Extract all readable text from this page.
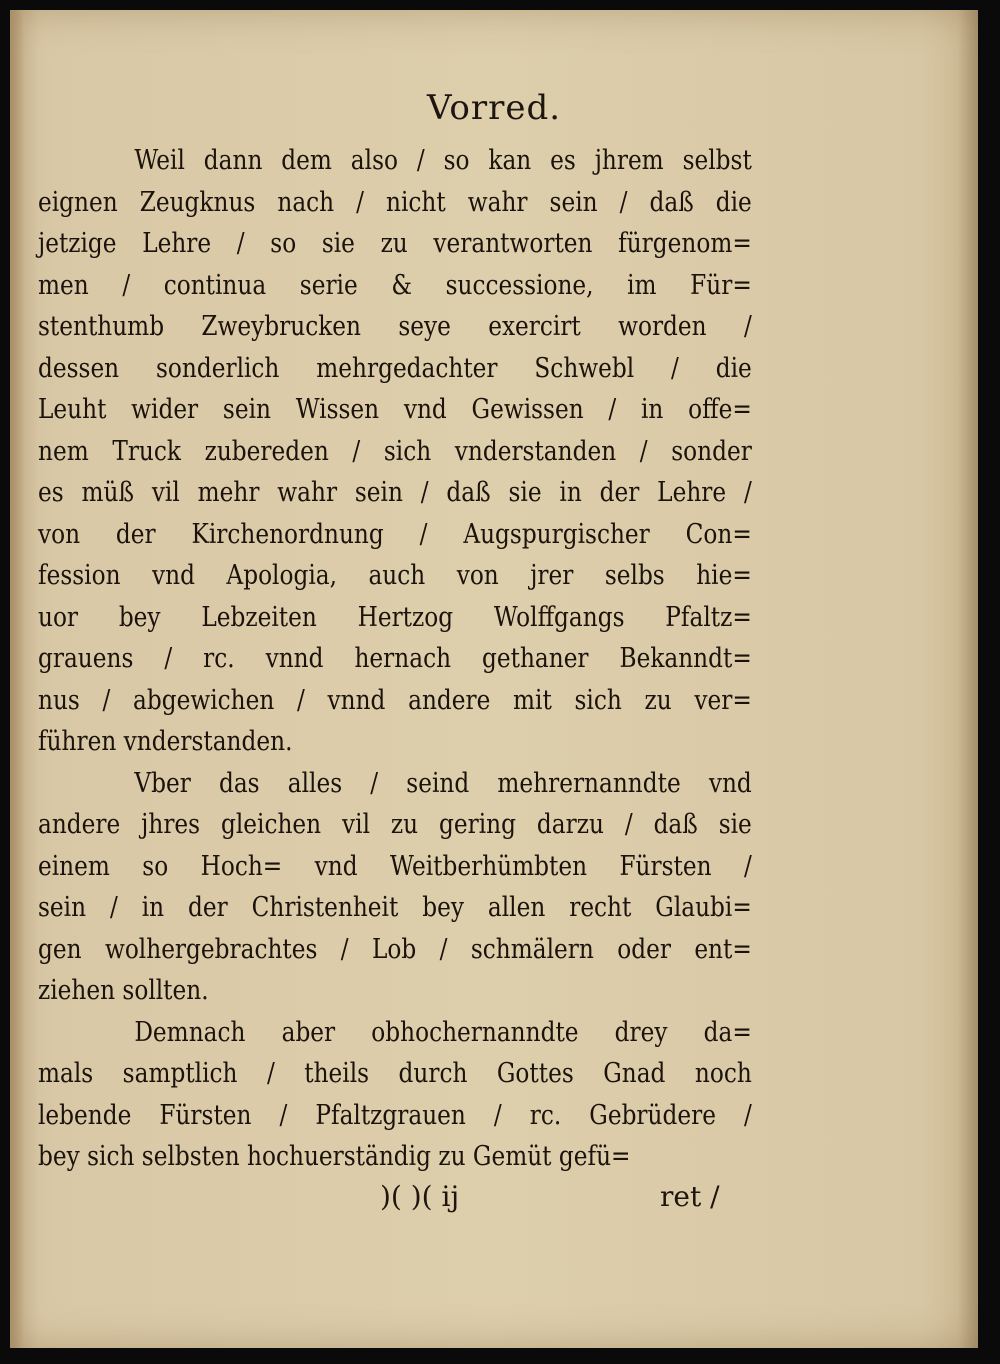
Vorred.
Weil dann dem also / so kan es jhrem selbst
eignen Zeugknus nach / nicht wahr sein / daß die
jetzige Lehre / so sie zu verantworten fürgenom=
men / continua serie & successione, im Für=
stenthumb Zweybrucken seye exercirt worden /
dessen sonderlich mehrgedachter Schwebl / die
Leuht wider sein Wissen vnd Gewissen / in offe=
nem Truck zubereden / sich vnderstanden / sonder
es müß vil mehr wahr sein / daß sie in der Lehre /
von der Kirchenordnung / Augspurgischer Con=
fession vnd Apologia, auch von jrer selbs hie=
uor bey Lebzeiten Hertzog Wolffgangs Pfaltz=
grauens / rc. vnnd hernach gethaner Bekanndt=
nus / abgewichen / vnnd andere mit sich zu ver=
führen vnderstanden.
Vber das alles / seind mehrernanndte vnd
andere jhres gleichen vil zu gering darzu / daß sie
einem so Hoch= vnd Weitberhümbten Fürsten /
sein / in der Christenheit bey allen recht Glaubi=
gen wolhergebrachtes / Lob / schmälern oder ent=
ziehen sollten.
Demnach aber obhochernanndte drey da=
mals samptlich / theils durch Gottes Gnad noch
lebende Fürsten / Pfaltzgrauen / rc. Gebrüdere /
bey sich selbsten hochuerständig zu Gemüt gefü=
)( )( ij	ret /
